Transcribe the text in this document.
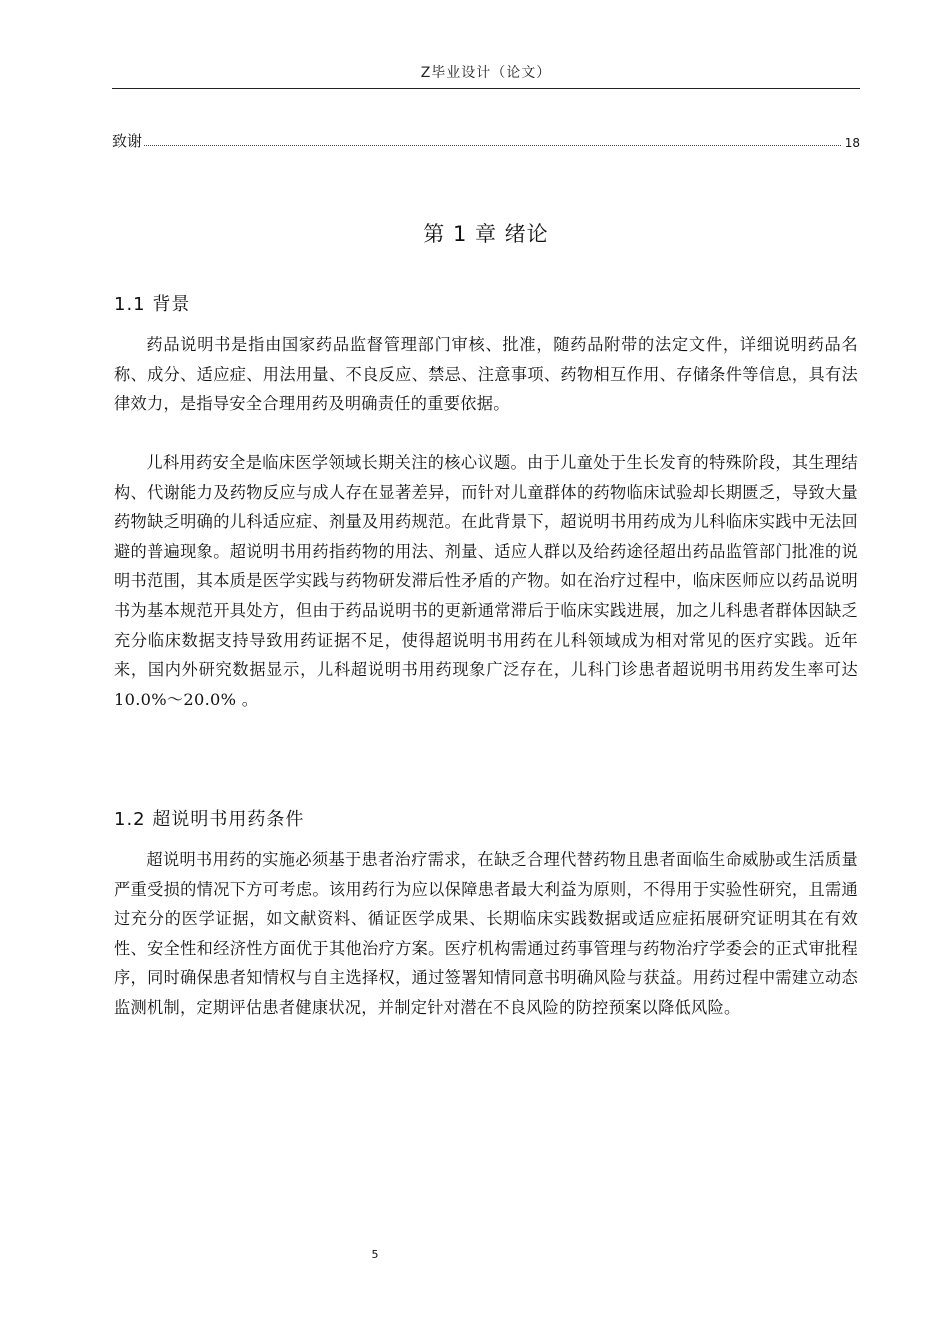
Z毕业设计（论文）
致谢	18
第 1 章 绪论
1.1 背景

药品说明书是指由国家药品监督管理部门审核、批准，随药品附带的法定文件，详细说明药品名称、成分、适应症、用法用量、不良反应、禁忌、注意事项、药物相互作用、存储条件等信息，具有法律效力，是指导安全合理用药及明确责任的重要依据。

儿科用药安全是临床医学领域长期关注的核心议题。由于儿童处于生长发育的特殊阶段，其生理结构、代谢能力及药物反应与成人存在显著差异，而针对儿童群体的药物临床试验却长期匮乏，导致大量药物缺乏明确的儿科适应症、剂量及用药规范。在此背景下，超说明书用药成为儿科临床实践中无法回避的普遍现象。超说明书用药指药物的用法、剂量、适应人群以及给药途径超出药品监管部门批准的说明书范围，其本质是医学实践与药物研发滞后性矛盾的产物。如在治疗过程中，临床医师应以药品说明书为基本规范开具处方，但由于药品说明书的更新通常滞后于临床实践进展，加之儿科患者群体因缺乏充分临床数据支持导致用药证据不足，使得超说明书用药在儿科领域成为相对常见的医疗实践。近年来，国内外研究数据显示，儿科超说明书用药现象广泛存在，儿科门诊患者超说明书用药发生率可达 10.0%～20.0% 。

1.2 超说明书用药条件

超说明书用药的实施必须基于患者治疗需求，在缺乏合理代替药物且患者面临生命威胁或生活质量严重受损的情况下方可考虑。该用药行为应以保障患者最大利益为原则，不得用于实验性研究，且需通过充分的医学证据，如文献资料、循证医学成果、长期临床实践数据或适应症拓展研究证明其在有效性、安全性和经济性方面优于其他治疗方案。医疗机构需通过药事管理与药物治疗学委会的正式审批程序，同时确保患者知情权与自主选择权，通过签署知情同意书明确风险与获益。用药过程中需建立动态监测机制，定期评估患者健康状况，并制定针对潜在不良风险的防控预案以降低风险。

5
